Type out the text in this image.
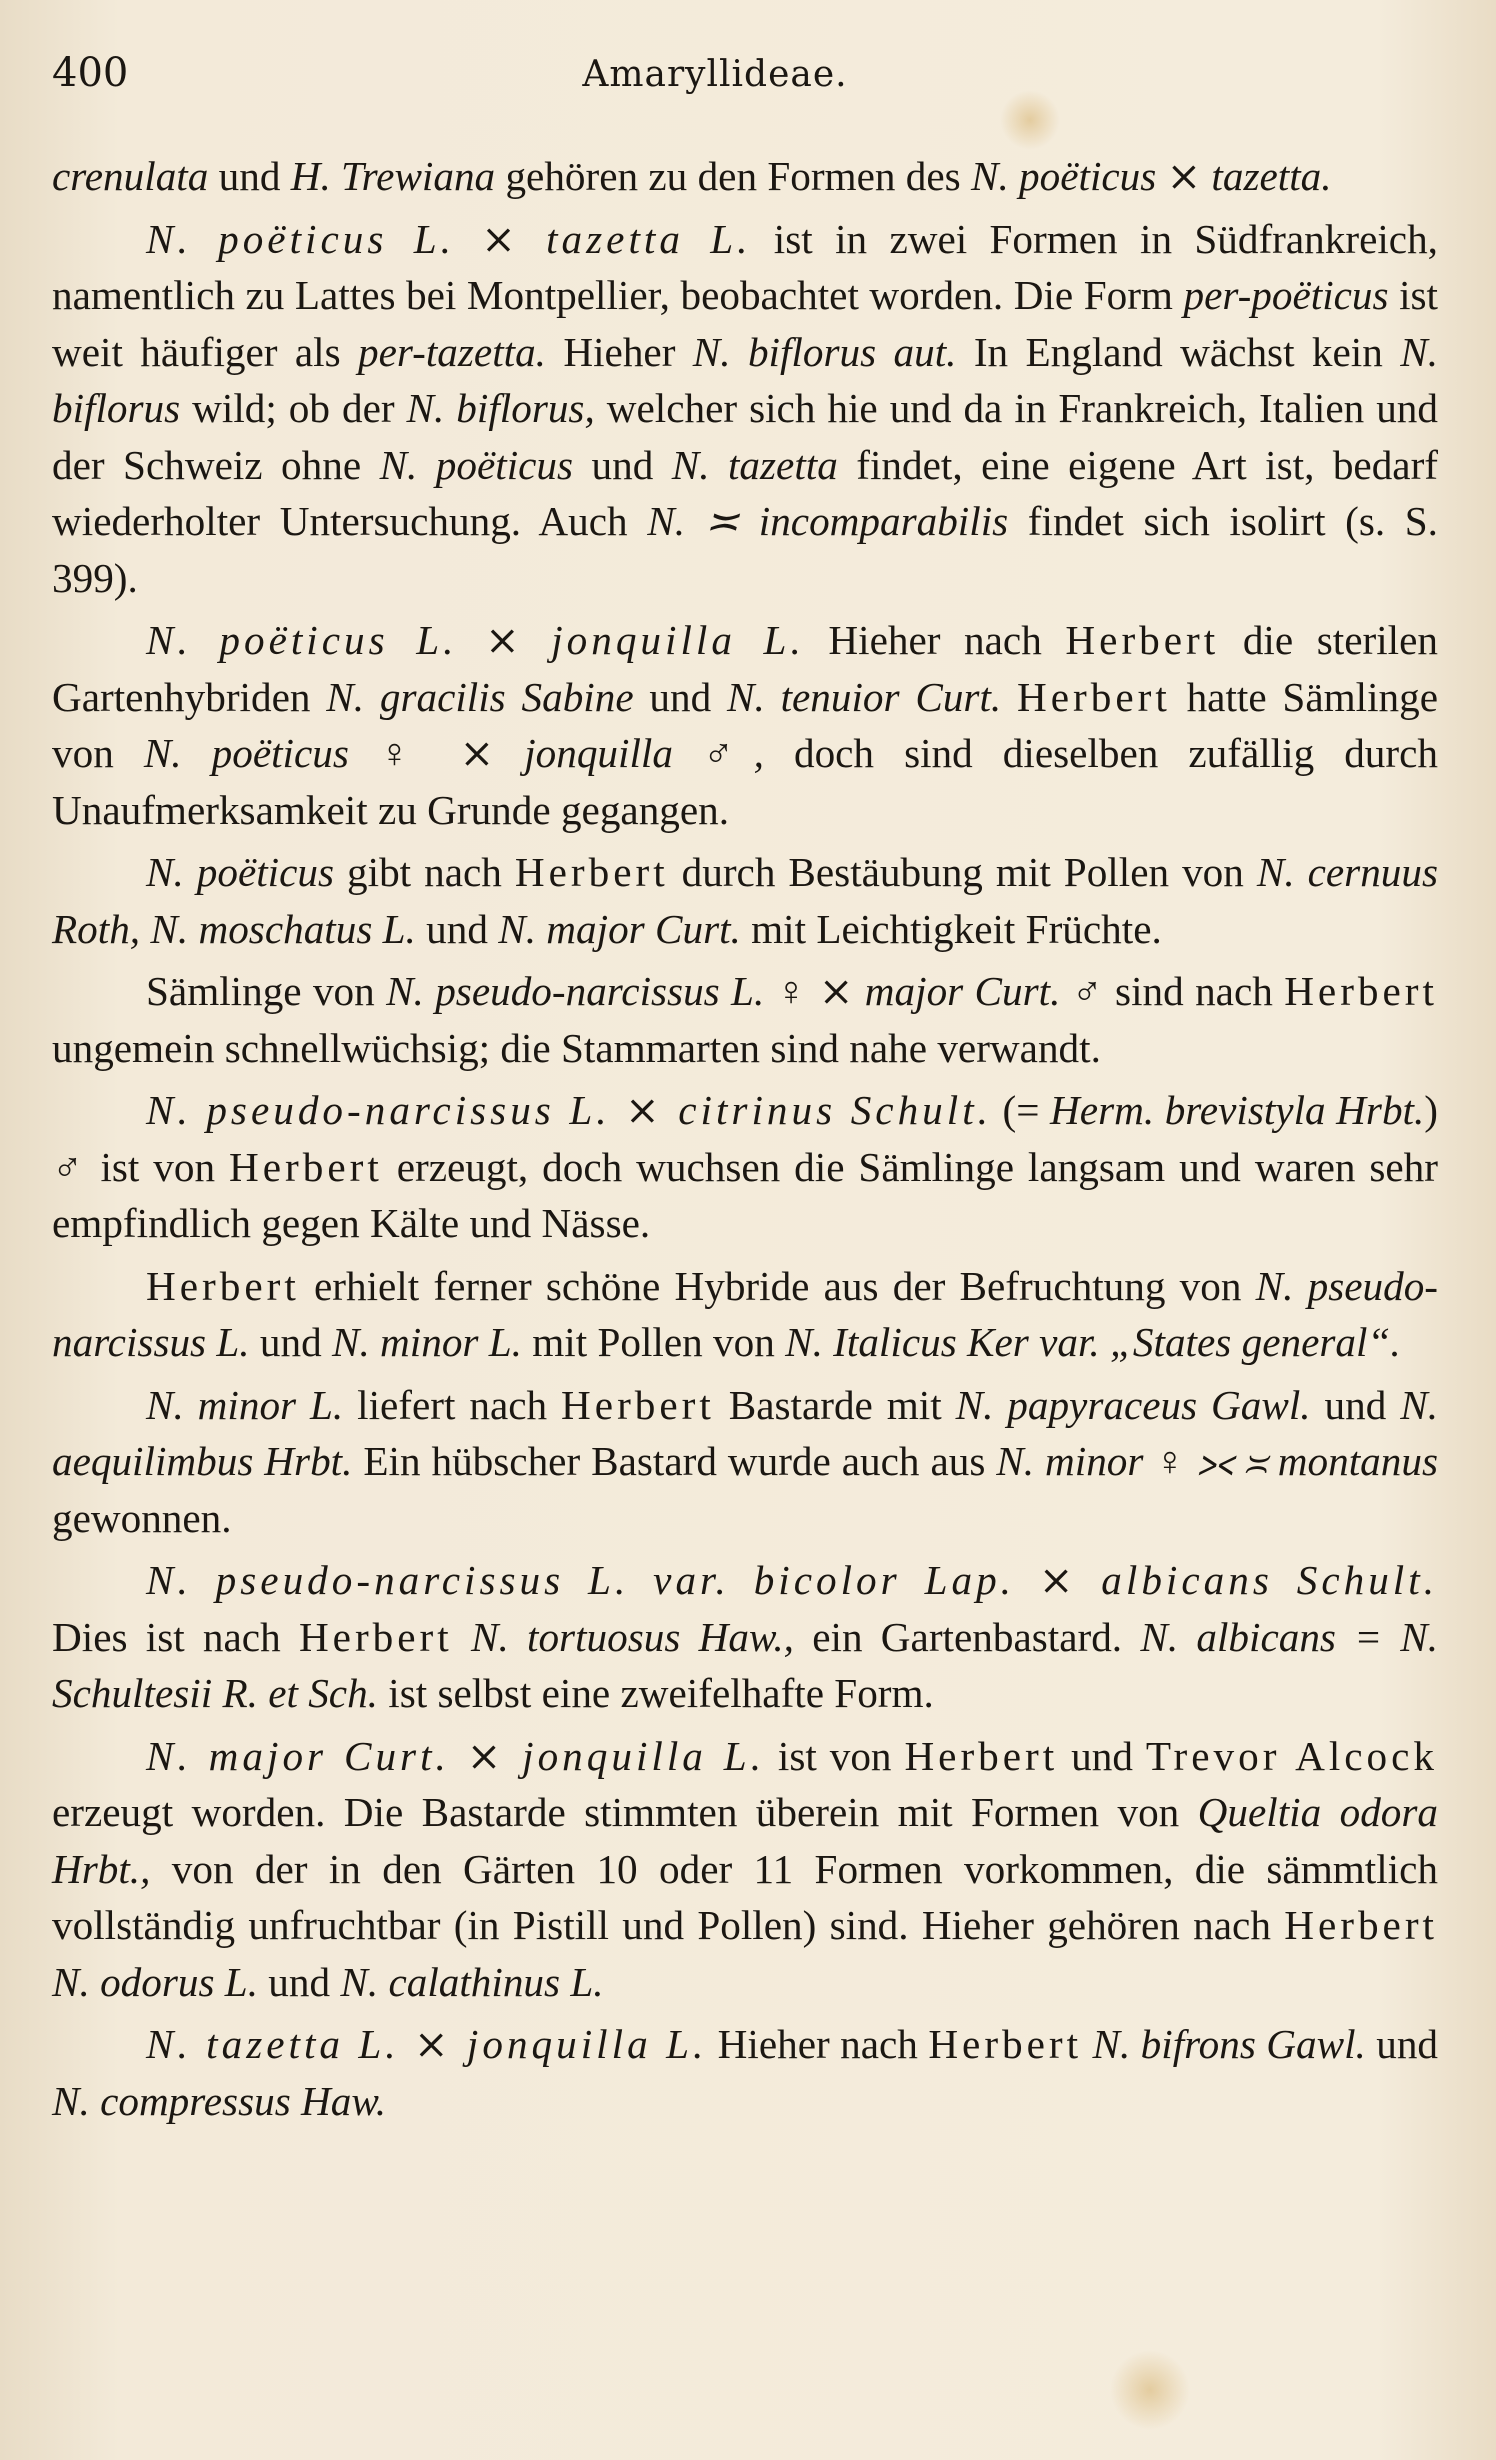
400	Amaryllideae.

crenulata und H. Trewiana gehören zu den Formen des N. poëticus ⨯ tazetta.

N. poëticus L. ⨯ tazetta L. ist in zwei Formen in Südfrankreich, namentlich zu Lattes bei Montpellier, beobachtet worden. Die Form per-poëticus ist weit häufiger als per-tazetta. Hieher N. biflorus aut. In England wächst kein N. biflorus wild; ob der N. biflorus, welcher sich hie und da in Frankreich, Italien und der Schweiz ohne N. poëticus und N. tazetta findet, eine eigene Art ist, bedarf wiederholter Untersuchung. Auch N. ≍ incomparabilis findet sich isolirt (s. S. 399).

N. poëticus L. ⨯ jonquilla L. Hieher nach Herbert die sterilen Gartenhybriden N. gracilis Sabine und N. tenuior Curt. Herbert hatte Sämlinge von N. poëticus ♀ ⨯ jonquilla ♂, doch sind dieselben zufällig durch Unaufmerksamkeit zu Grunde gegangen.

N. poëticus gibt nach Herbert durch Bestäubung mit Pollen von N. cernuus Roth, N. moschatus L. und N. major Curt. mit Leichtigkeit Früchte.

Sämlinge von N. pseudo-narcissus L. ♀ ⨯ major Curt. ♂ sind nach Herbert ungemein schnellwüchsig; die Stammarten sind nahe verwandt.

N. pseudo-narcissus L. ⨯ citrinus Schult. (= Herm. brevistyla Hrbt.) ♂ ist von Herbert erzeugt, doch wuchsen die Sämlinge langsam und waren sehr empfindlich gegen Kälte und Nässe.

Herbert erhielt ferner schöne Hybride aus der Befruchtung von N. pseudo-narcissus L. und N. minor L. mit Pollen von N. Italicus Ker var. „States general“.

N. minor L. liefert nach Herbert Bastarde mit N. papyraceus Gawl. und N. aequilimbus Hrbt. Ein hübscher Bastard wurde auch aus N. minor ♀ ⪥ ≍ montanus gewonnen.

N. pseudo-narcissus L. var. bicolor Lap. ⨯ albicans Schult. Dies ist nach Herbert N. tortuosus Haw., ein Gartenbastard. N. albicans = N. Schultesii R. et Sch. ist selbst eine zweifelhafte Form.

N. major Curt. ⨯ jonquilla L. ist von Herbert und Trevor Alcock erzeugt worden. Die Bastarde stimmten überein mit Formen von Queltia odora Hrbt., von der in den Gärten 10 oder 11 Formen vorkommen, die sämmtlich vollständig unfruchtbar (in Pistill und Pollen) sind. Hieher gehören nach Herbert N. odorus L. und N. calathinus L.

N. tazetta L. ⨯ jonquilla L. Hieher nach Herbert N. bifrons Gawl. und N. compressus Haw.
